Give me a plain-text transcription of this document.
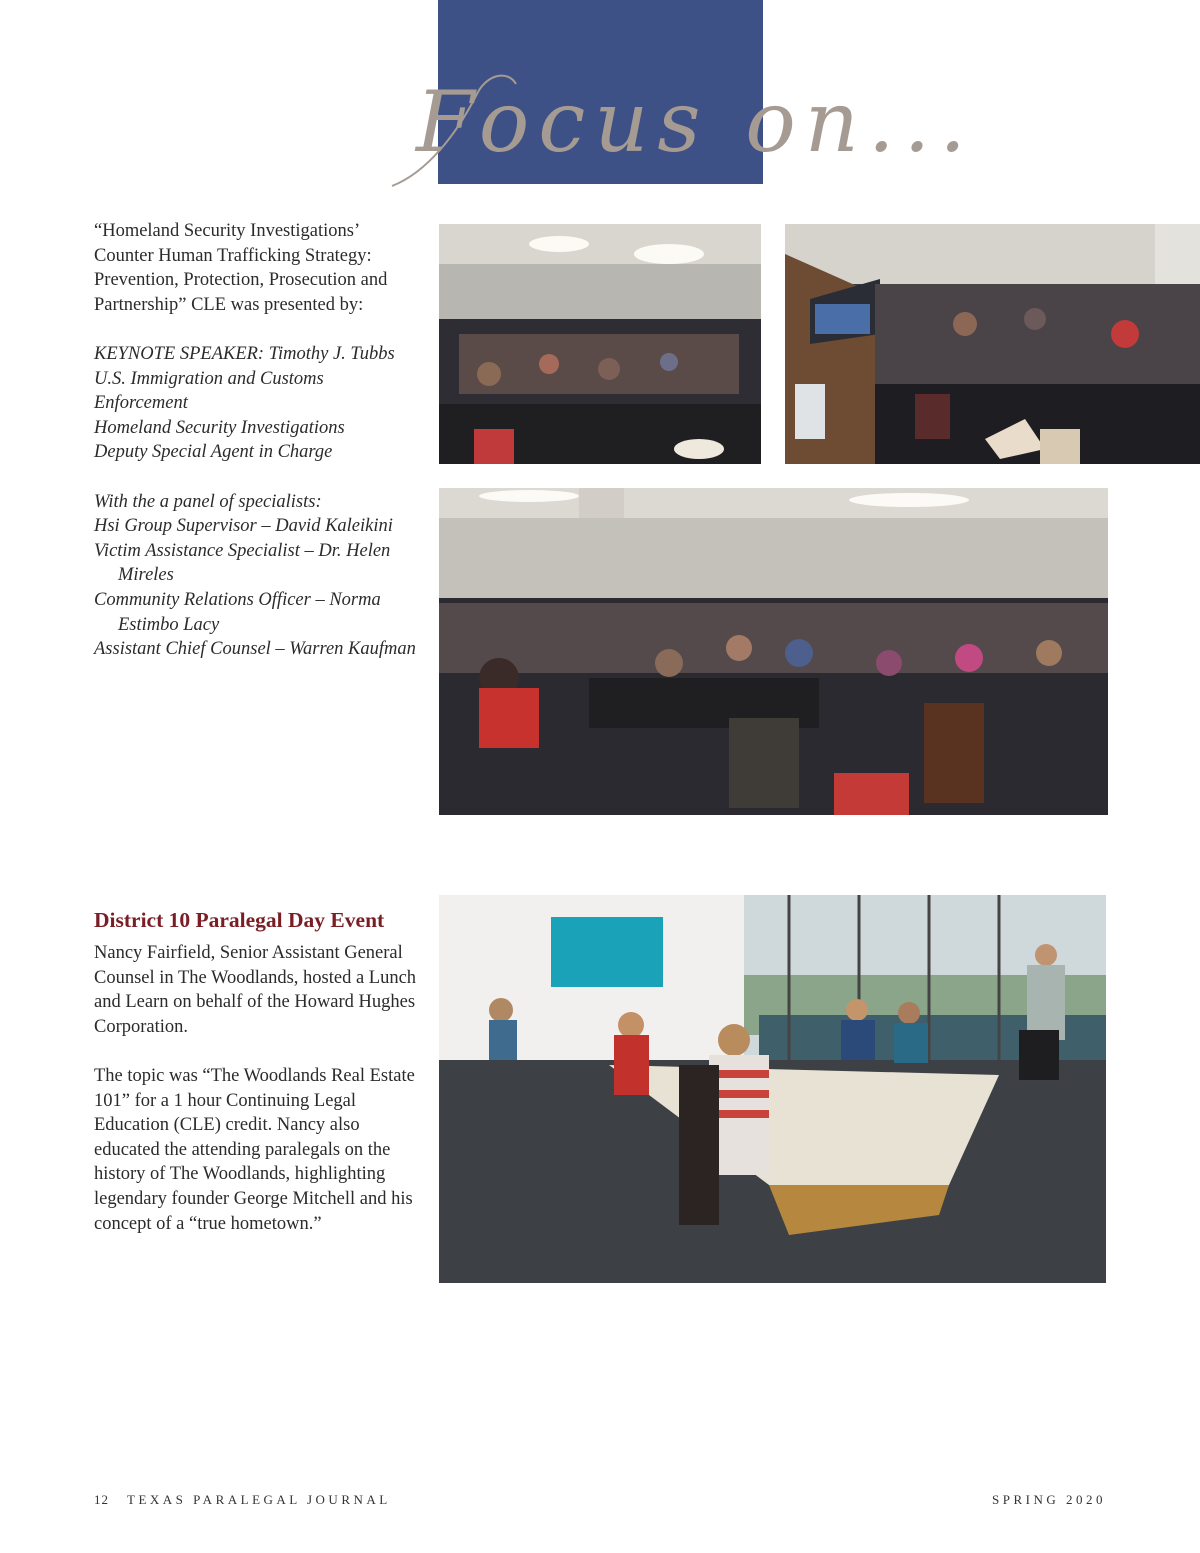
Focus on...

“Homeland Security Investigations’

Counter Human Trafficking Strategy:

Prevention, Protection, Prosecution and

Partnership” CLE was presented by:

KEYNOTE SPEAKER: Timothy J. Tubbs

U.S. Immigration and Customs

Enforcement

Homeland Security Investigations

Deputy Special Agent in Charge

With the a panel of specialists:

Hsi Group Supervisor – David Kaleikini

Victim Assistance Specialist – Dr. Helen Mireles

Community Relations Officer – Norma Estimbo Lacy

Assistant Chief Counsel – Warren Kaufman

District 10 Paralegal Day Event

Nancy Fairfield, Senior Assistant General Counsel in The Woodlands, hosted a Lunch and Learn on behalf of the Howard Hughes Corporation.

The topic was “The Woodlands Real Estate 101” for a 1 hour Continuing Legal Education (CLE) credit. Nancy also educated the attending paralegals on the history of The Woodlands, highlighting legendary founder George Mitchell and his concept of a “true hometown.”

12 TEXAS PARALEGAL JOURNAL	SPRING 2020
